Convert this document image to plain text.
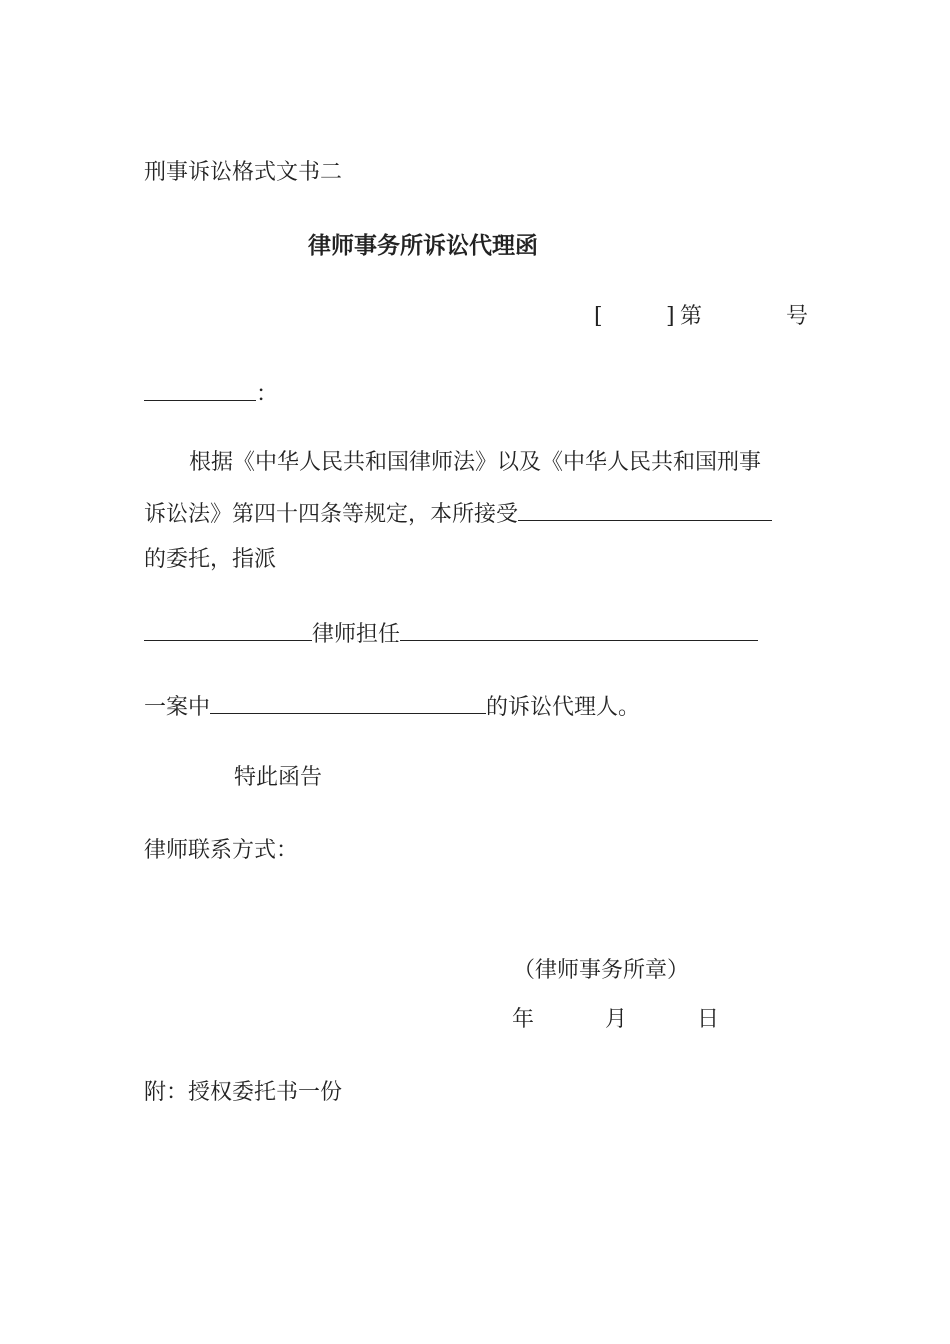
刑事诉讼格式文书二
律师事务所诉讼代理函
[	] 第	号
：
根据《中华人民共和国律师法》以及《中华人民共和国刑事
诉讼法》第四十四条等规定，本所接受
的委托，指派
律师担任
一案中	的诉讼代理人。
特此函告
律师联系方式：
（律师事务所章）
年	月	日
附：授权委托书一份
